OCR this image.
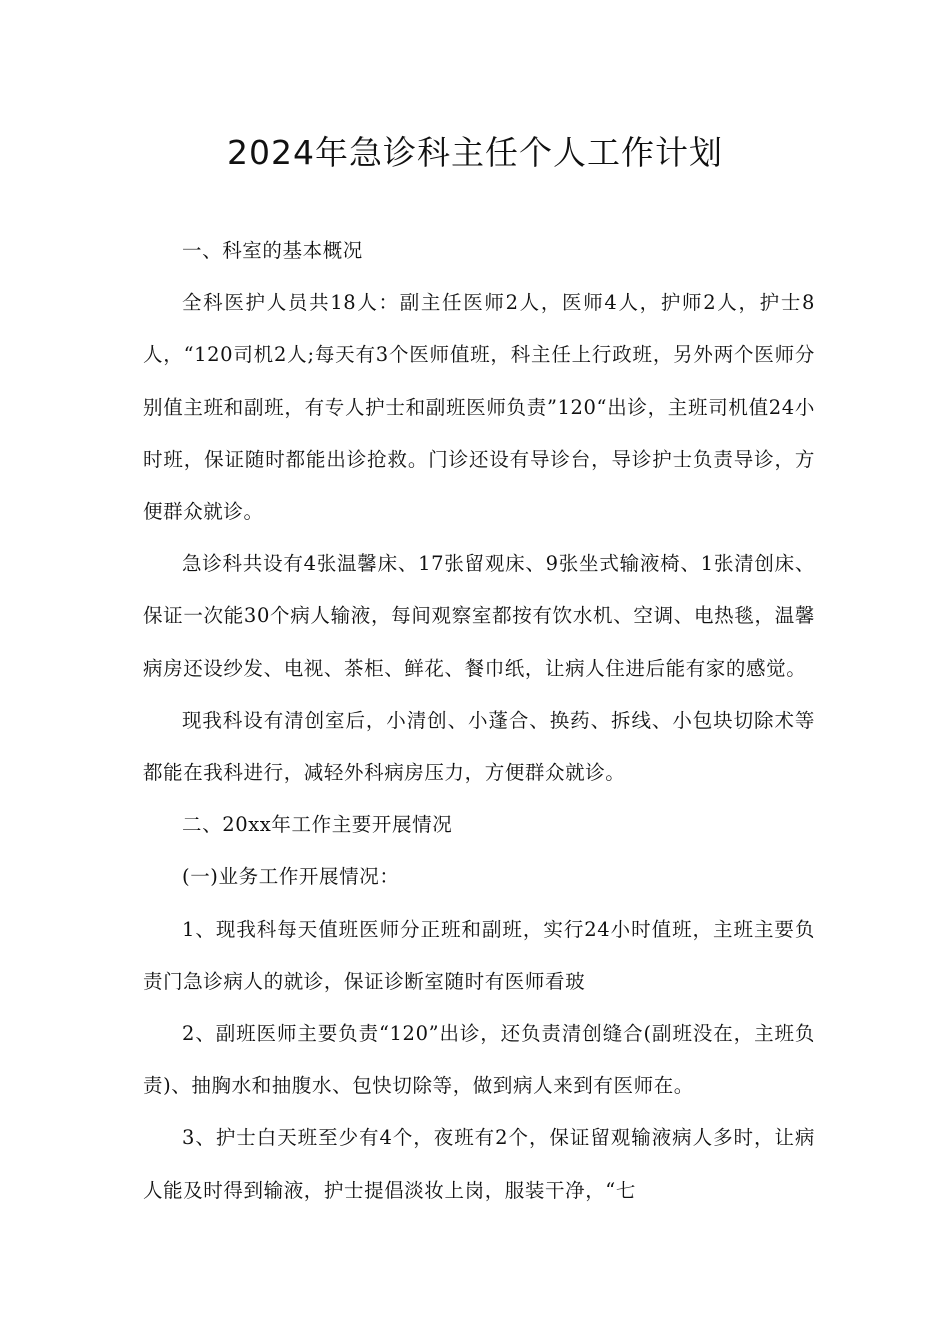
2024年急诊科主任个人工作计划

一、科室的基本概况

全科医护人员共18人：副主任医师2人，医师4人，护师2人，护士8人，“120司机2人;每天有3个医师值班，科主任上行政班，另外两个医师分别值主班和副班，有专人护士和副班医师负责”120“出诊，主班司机值24小时班，保证随时都能出诊抢救。门诊还设有导诊台，导诊护士负责导诊，方便群众就诊。

急诊科共设有4张温馨床、17张留观床、9张坐式输液椅、1张清创床、保证一次能30个病人输液，每间观察室都按有饮水机、空调、电热毯，温馨病房还设纱发、电视、茶柜、鲜花、餐巾纸，让病人住进后能有家的感觉。

现我科设有清创室后，小清创、小蓬合、换药、拆线、小包块切除术等都能在我科进行，减轻外科病房压力，方便群众就诊。

二、20xx年工作主要开展情况

(一)业务工作开展情况：

1、现我科每天值班医师分正班和副班，实行24小时值班，主班主要负责门急诊病人的就诊，保证诊断室随时有医师看玻

2、副班医师主要负责“120”出诊，还负责清创缝合(副班没在，主班负责)、抽胸水和抽腹水、包快切除等，做到病人来到有医师在。

3、护士白天班至少有4个，夜班有2个，保证留观输液病人多时，让病人能及时得到输液，护士提倡淡妆上岗，服装干净，“七
